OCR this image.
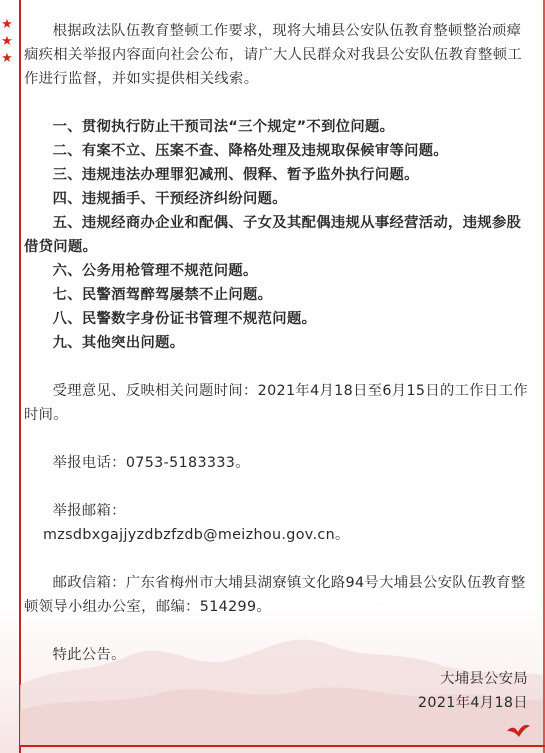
★
★
★

根据政法队伍教育整顿工作要求，现将大埔县公安队伍教育整顿整治顽瘴痼疾相关举报内容面向社会公布，请广大人民群众对我县公安队伍教育整顿工作进行监督，并如实提供相关线索。

一、贯彻执行防止干预司法“三个规定”不到位问题。

二、有案不立、压案不查、降格处理及违规取保候审等问题。

三、违规违法办理罪犯减刑、假释、暂予监外执行问题。

四、违规插手、干预经济纠纷问题。

五、违规经商办企业和配偶、子女及其配偶违规从事经营活动，违规参股借贷问题。

六、公务用枪管理不规范问题。

七、民警酒驾醉驾屡禁不止问题。

八、民警数字身份证书管理不规范问题。

九、其他突出问题。

受理意见、反映相关问题时间：2021年4月18日至6月15日的工作日工作时间。

举报电话：0753-5183333。

举报邮箱：

mzsdbxgajjyzdbzfzdb@meizhou.gov.cn。

邮政信箱：广东省梅州市大埔县湖寮镇文化路94号大埔县公安队伍教育整顿领导小组办公室，邮编：514299。

特此公告。

大埔县公安局

2021年4月18日
